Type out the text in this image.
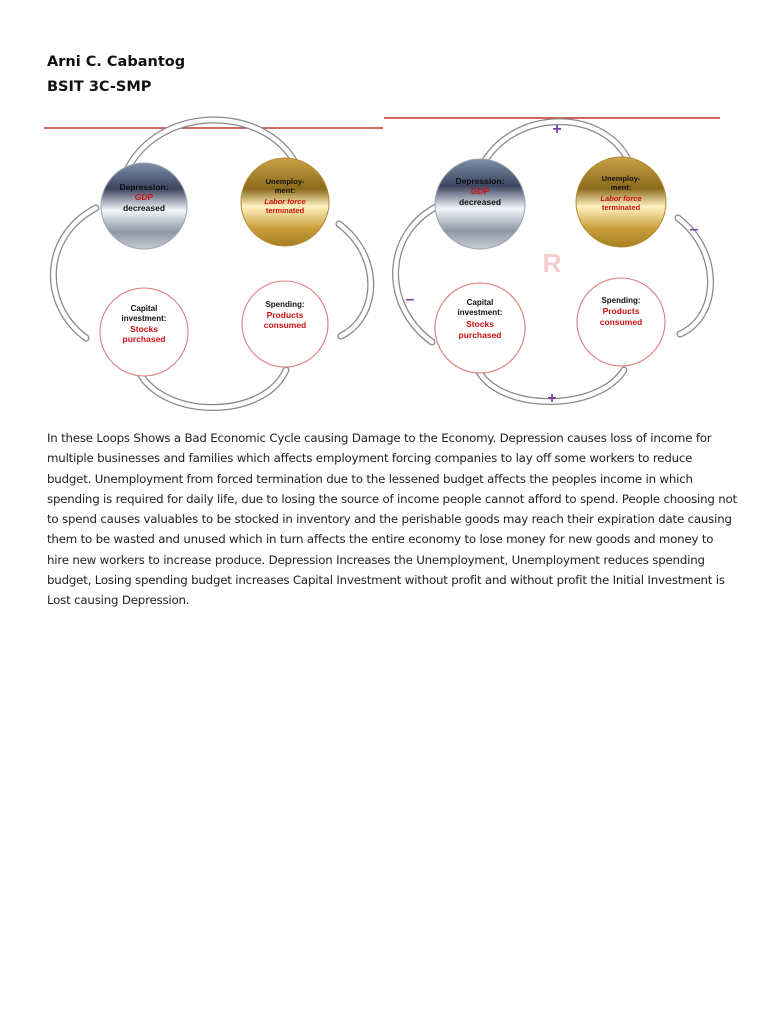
Arni C. Cabantog
BSIT 3C-SMP
Depression:
GDP
decreased
Unemploy-
ment:
Labor force
terminated
Capital
investment:
Stocks
purchased
Spending:
Products
consumed
R
+
–
+
–
Depression:
GDP
decreased
Unemploy-
ment:
Labor force
terminated
Capital
investment:
Stocks
purchased
Spending:
Products
consumed

In these Loops Shows a Bad Economic Cycle causing Damage to the Economy. Depression causes loss of income for multiple businesses and families which affects employment forcing companies to lay off some workers to reduce budget. Unemployment from forced termination due to the lessened budget affects the peoples income in which spending is required for daily life, due to losing the source of income people cannot afford to spend. People choosing not to spend causes valuables to be stocked in inventory and the perishable goods may reach their expiration date causing them to be wasted and unused which in turn affects the entire economy to lose money for new goods and money to hire new workers to increase produce. Depression Increases the Unemployment, Unemployment reduces spending budget, Losing spending budget increases Capital Investment without profit and without profit the Initial Investment is Lost causing Depression.
